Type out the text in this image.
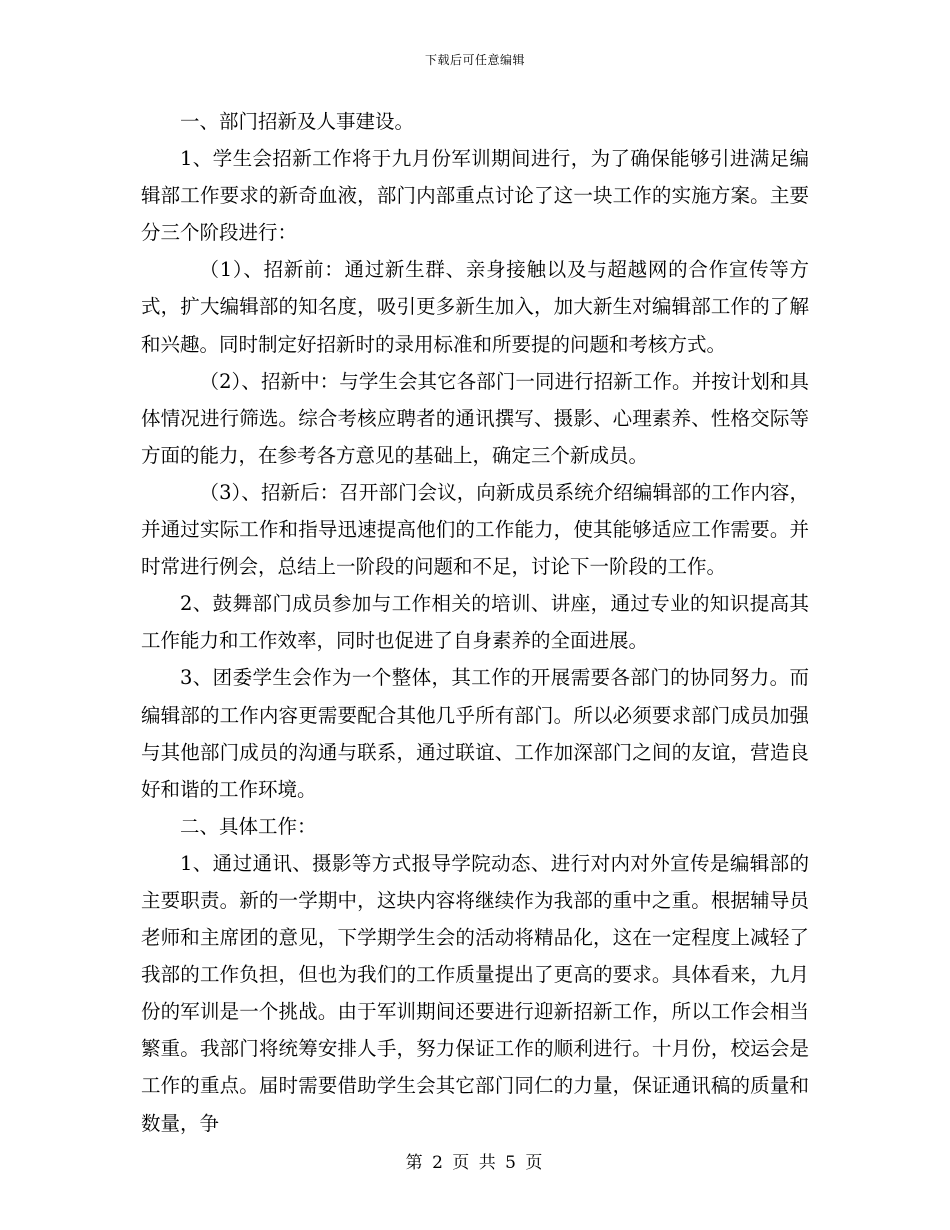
下载后可任意编辑

一、部门招新及人事建设。

1、学生会招新工作将于九月份军训期间进行，为了确保能够引进满足编辑部工作要求的新奇血液，部门内部重点讨论了这一块工作的实施方案。主要分三个阶段进行：

（1）、招新前：通过新生群、亲身接触以及与超越网的合作宣传等方式，扩大编辑部的知名度，吸引更多新生加入，加大新生对编辑部工作的了解和兴趣。同时制定好招新时的录用标准和所要提的问题和考核方式。

（2）、招新中：与学生会其它各部门一同进行招新工作。并按计划和具体情况进行筛选。综合考核应聘者的通讯撰写、摄影、心理素养、性格交际等方面的能力，在参考各方意见的基础上，确定三个新成员。

（3）、招新后：召开部门会议，向新成员系统介绍编辑部的工作内容，并通过实际工作和指导迅速提高他们的工作能力，使其能够适应工作需要。并时常进行例会，总结上一阶段的问题和不足，讨论下一阶段的工作。

2、鼓舞部门成员参加与工作相关的培训、讲座，通过专业的知识提高其工作能力和工作效率，同时也促进了自身素养的全面进展。

3、团委学生会作为一个整体，其工作的开展需要各部门的协同努力。而编辑部的工作内容更需要配合其他几乎所有部门。所以必须要求部门成员加强与其他部门成员的沟通与联系，通过联谊、工作加深部门之间的友谊，营造良好和谐的工作环境。

二、具体工作：

1、通过通讯、摄影等方式报导学院动态、进行对内对外宣传是编辑部的主要职责。新的一学期中，这块内容将继续作为我部的重中之重。根据辅导员老师和主席团的意见，下学期学生会的活动将精品化，这在一定程度上减轻了我部的工作负担，但也为我们的工作质量提出了更高的要求。具体看来，九月份的军训是一个挑战。由于军训期间还要进行迎新招新工作，所以工作会相当繁重。我部门将统筹安排人手，努力保证工作的顺利进行。十月份，校运会是工作的重点。届时需要借助学生会其它部门同仁的力量，保证通讯稿的质量和数量，争

第 2 页 共 5 页
